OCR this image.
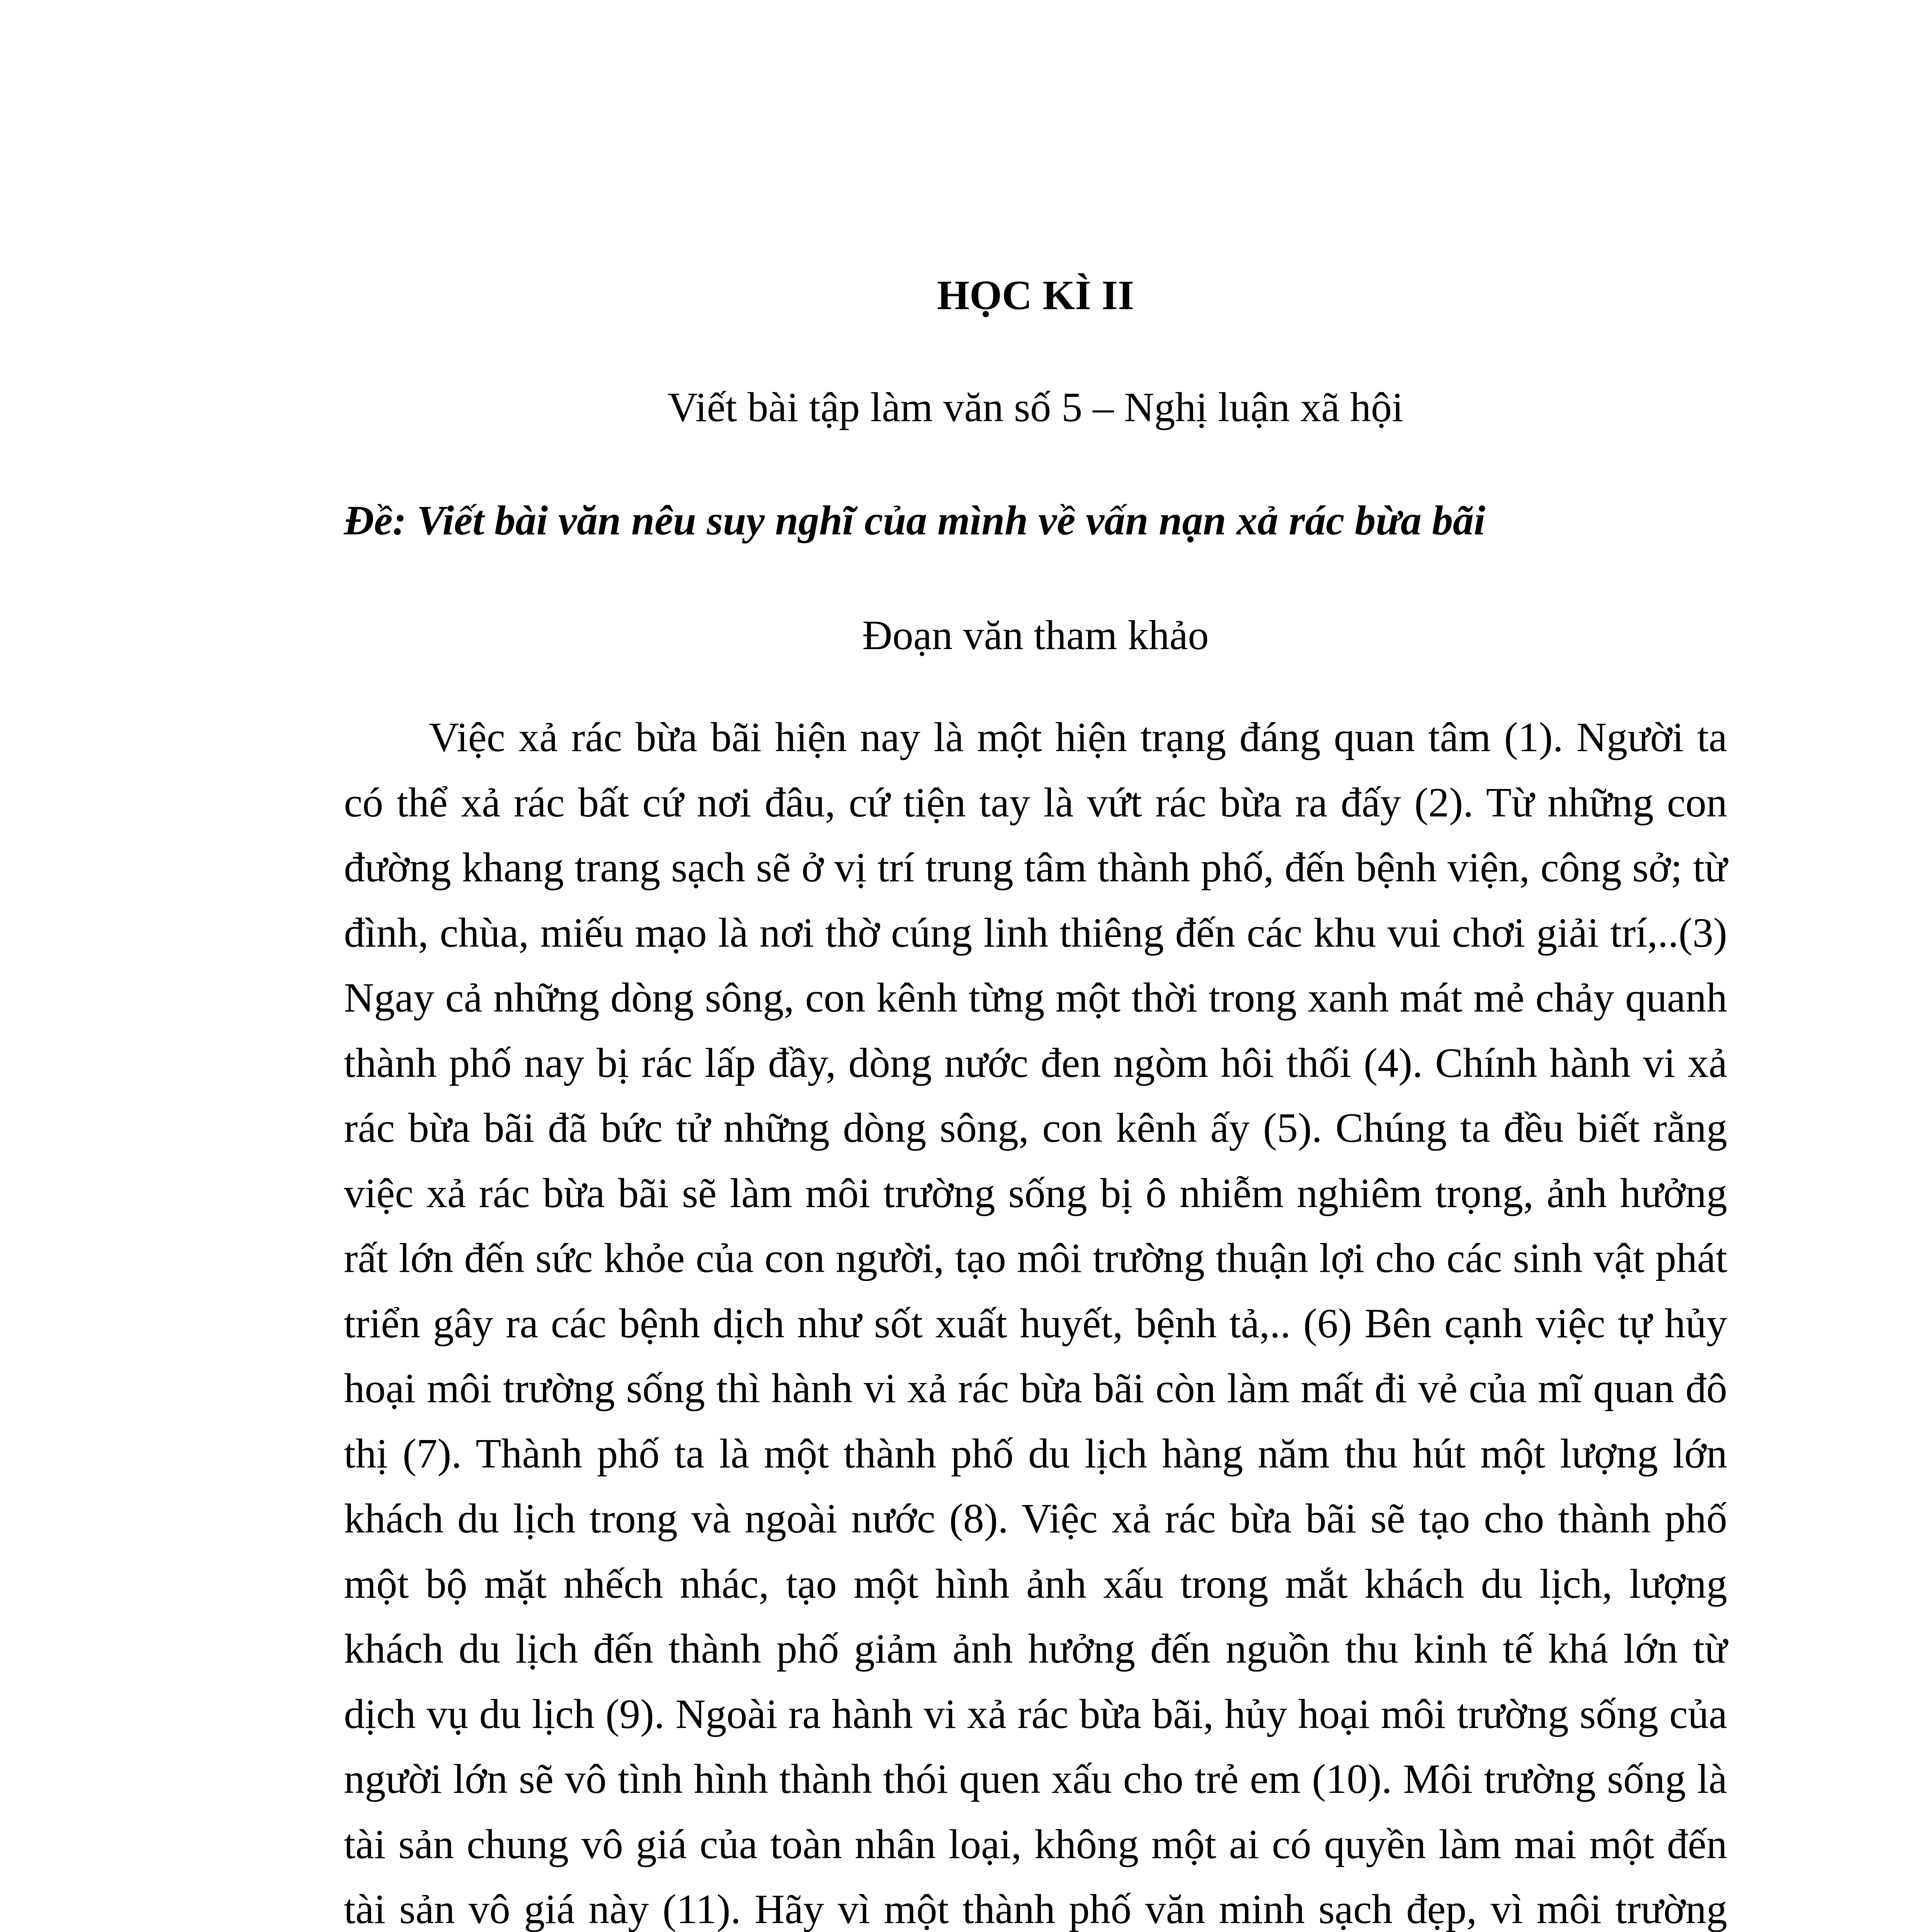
HỌC KÌ II

Viết bài tập làm văn số 5 – Nghị luận xã hội

Đề: Viết bài văn nêu suy nghĩ của mình về vấn nạn xả rác bừa bãi

Đoạn văn tham khảo

Việc xả rác bừa bãi hiện nay là một hiện trạng đáng quan tâm (1). Người ta có thể xả rác bất cứ nơi đâu, cứ tiện tay là vứt rác bừa ra đấy (2). Từ những con đường khang trang sạch sẽ ở vị trí trung tâm thành phố, đến bệnh viện, công sở; từ đình, chùa, miếu mạo là nơi thờ cúng linh thiêng đến các khu vui chơi giải trí,..(3) Ngay cả những dòng sông, con kênh từng một thời trong xanh mát mẻ chảy quanh thành phố nay bị rác lấp đầy, dòng nước đen ngòm hôi thối (4). Chính hành vi xả rác bừa bãi đã bức tử những dòng sông, con kênh ấy (5). Chúng ta đều biết rằng việc xả rác bừa bãi sẽ làm môi trường sống bị ô nhiễm nghiêm trọng, ảnh hưởng rất lớn đến sức khỏe của con người, tạo môi trường thuận lợi cho các sinh vật phát triển gây ra các bệnh dịch như sốt xuất huyết, bệnh tả,.. (6) Bên cạnh việc tự hủy hoại môi trường sống thì hành vi xả rác bừa bãi còn làm mất đi vẻ của mĩ quan đô thị (7). Thành phố ta là một thành phố du lịch hàng năm thu hút một lượng lớn khách du lịch trong và ngoài nước (8). Việc xả rác bừa bãi sẽ tạo cho thành phố một bộ mặt nhếch nhác, tạo một hình ảnh xấu trong mắt khách du lịch, lượng khách du lịch đến thành phố giảm ảnh hưởng đến nguồn thu kinh tế khá lớn từ dịch vụ du lịch (9). Ngoài ra hành vi xả rác bừa bãi, hủy hoại môi trường sống của người lớn sẽ vô tình hình thành thói quen xấu cho trẻ em (10). Môi trường sống là tài sản chung vô giá của toàn nhân loại, không một ai có quyền làm mai một đến tài sản vô giá này (11). Hãy vì một thành phố văn minh sạch đẹp, vì môi trường
